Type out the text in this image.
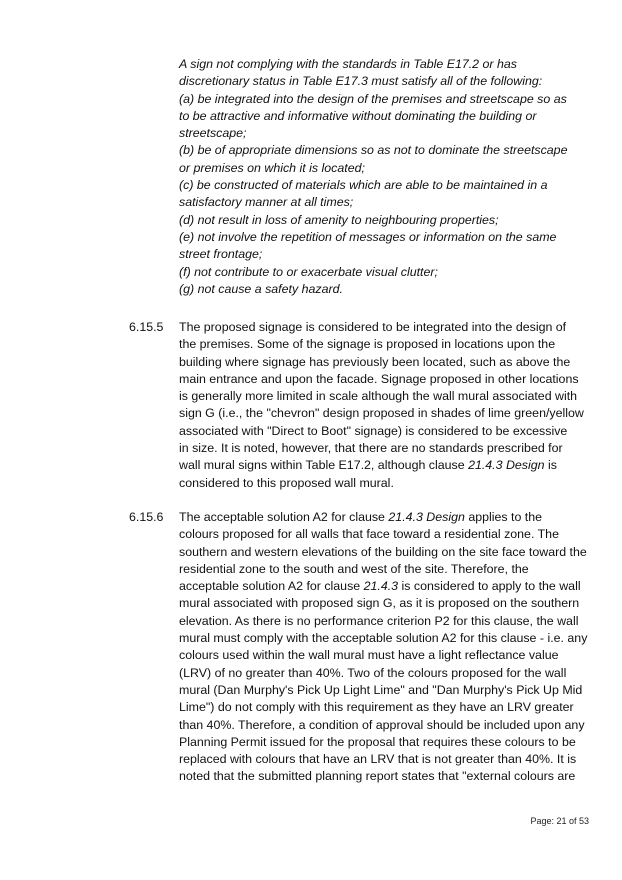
A sign not complying with the standards in Table E17.2 or has
discretionary status in Table E17.3 must satisfy all of the following:
(a) be integrated into the design of the premises and streetscape so as
to be attractive and informative without dominating the building or
streetscape;
(b) be of appropriate dimensions so as not to dominate the streetscape
or premises on which it is located;
(c) be constructed of materials which are able to be maintained in a
satisfactory manner at all times;
(d) not result in loss of amenity to neighbouring properties;
(e) not involve the repetition of messages or information on the same
street frontage;
(f) not contribute to or exacerbate visual clutter;
(g) not cause a safety hazard.
6.15.5	The proposed signage is considered to be integrated into the design of
the premises. Some of the signage is proposed in locations upon the
building where signage has previously been located, such as above the
main entrance and upon the facade. Signage proposed in other locations
is generally more limited in scale although the wall mural associated with
sign G (i.e., the "chevron" design proposed in shades of lime green/yellow
associated with "Direct to Boot" signage) is considered to be excessive
in size. It is noted, however, that there are no standards prescribed for
wall mural signs within Table E17.2, although clause 21.4.3 Design is
considered to this proposed wall mural.
6.15.6	The acceptable solution A2 for clause 21.4.3 Design applies to the
colours proposed for all walls that face toward a residential zone. The
southern and western elevations of the building on the site face toward the
residential zone to the south and west of the site. Therefore, the
acceptable solution A2 for clause 21.4.3 is considered to apply to the wall
mural associated with proposed sign G, as it is proposed on the southern
elevation. As there is no performance criterion P2 for this clause, the wall
mural must comply with the acceptable solution A2 for this clause - i.e. any
colours used within the wall mural must have a light reflectance value
(LRV) of no greater than 40%. Two of the colours proposed for the wall
mural (Dan Murphy's Pick Up Light Lime" and "Dan Murphy's Pick Up Mid
Lime") do not comply with this requirement as they have an LRV greater
than 40%. Therefore, a condition of approval should be included upon any
Planning Permit issued for the proposal that requires these colours to be
replaced with colours that have an LRV that is not greater than 40%. It is
noted that the submitted planning report states that "external colours are
Page: 21 of 53
